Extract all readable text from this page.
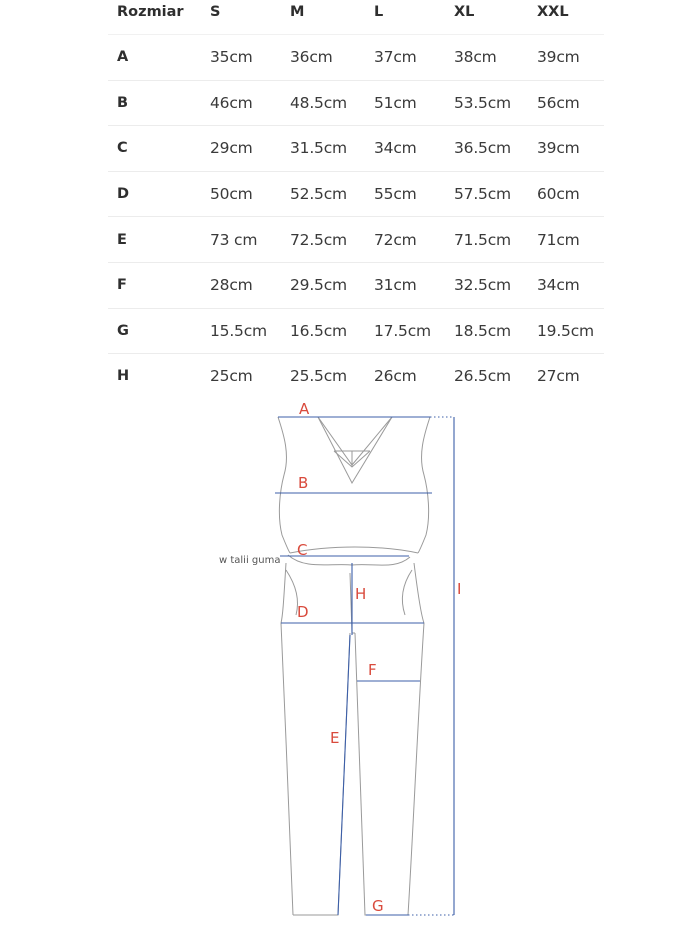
Rozmiar S	M	L	XL	XXL
A	35cm 36cm	37cm 38cm	39cm
B	46cm 48.5cm 51cm 53.5cm 56cm
C	29cm 31.5cm 34cm 36.5cm 39cm
D	50cm 52.5cm 55cm 57.5cm 60cm
E	73 cm 72.5cm 72cm 71.5cm 71cm
F	28cm 29.5cm 31cm 32.5cm 34cm
G	15.5cm 16.5cm 17.5cm 18.5cm 19.5cm
H	25cm 25.5cm 26cm 26.5cm 27cm
A
B
C
w talii guma
H
D
I
F
E
G
